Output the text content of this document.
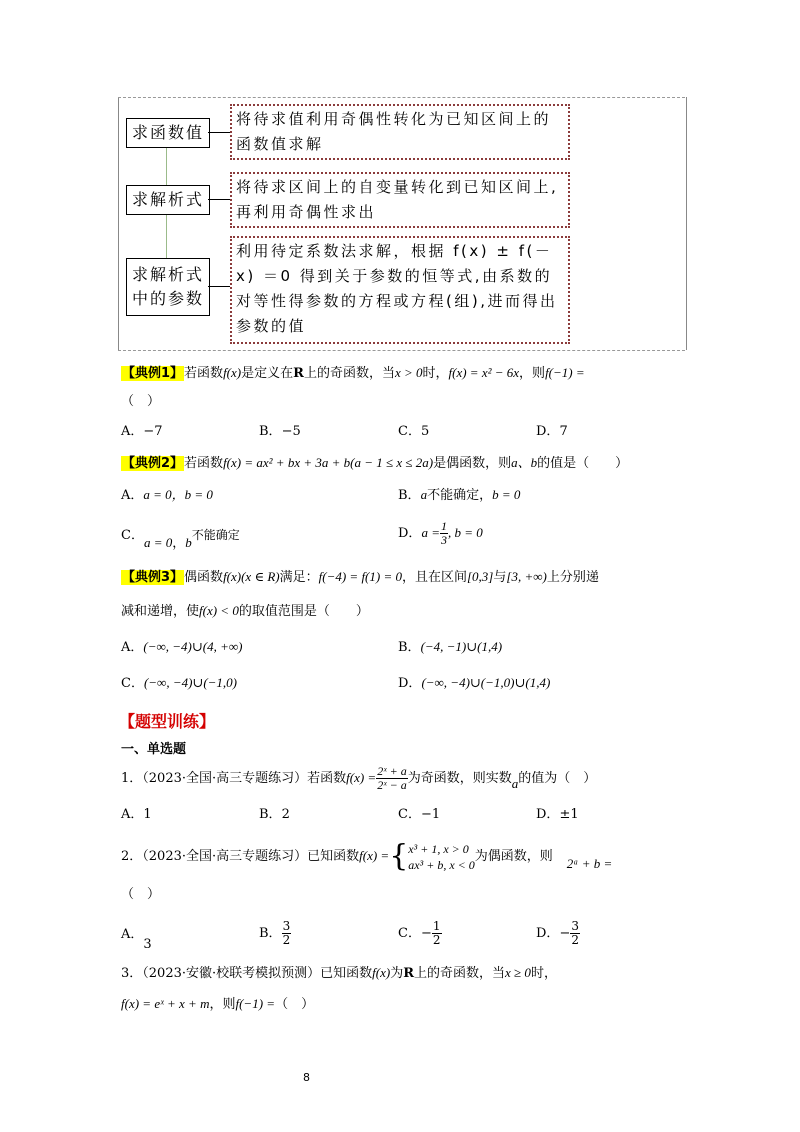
求函数值
将待求值利用奇偶性转化为已知区间上的函数值求解
求解析式
将待求区间上的自变量转化到已知区间上,再利用奇偶性求出
求解析式
中的参数
利用待定系数法求解，根据 f(x) ± f(－x) ＝0 得到关于参数的恒等式,由系数的对等性得参数的方程或方程(组),进而得出参数的值
【典例1】若函数f(x)是定义在R上的奇函数，当x > 0时，f(x) = x² − 6x，则f(−1) =
（　）
A．−7	B．−5	C．5	D．7
【典例2】若函数f(x) = ax² + bx + 3a + b(a − 1 ≤ x ≤ 2a)是偶函数，则a、b的值是（　　）
A．a = 0，b = 0	B．a不能确定，b = 0
C．a = 0，b不能确定	D．$a = \frac{1}{3}$ , b = 0
【典例3】偶函数f(x)(x ∈ R)满足：f(−4) = f(1) = 0，且在区间[0,3]与[3, +∞)上分别递
减和递增，使f(x) < 0的取值范围是（　　）
A．(−∞, −4)∪(4, +∞)	B．(−4, −1)∪(1,4)
C．(−∞, −4)∪(−1,0)	D．(−∞, −4)∪(−1,0)∪(1,4)
【题型训练】
一、单选题
1．（2023·全国·高三专题练习）若函数$f(x) = \frac{\text{2ˣ + a}}{\text{2ˣ − a}}$ 为奇函数，则实数a的值为（　）
A．1	B．2	C．−1	D．±1
2．（2023·全国·高三专题练习）已知函数f(x) ={ x³ + 1, x > 0
ax³ + b, x < 0
为偶函数，则 2ᵃ + b =
（　）
A．3
B． $\frac{3}{2}$	C．− $\frac{1}{2}$	D．− $\frac{3}{2}$
3．（2023·安徽·校联考模拟预测）已知函数f(x)为R上的奇函数，当x ≥ 0时，
f(x) = eˣ + x + m，则f(−1) =（　）
8
